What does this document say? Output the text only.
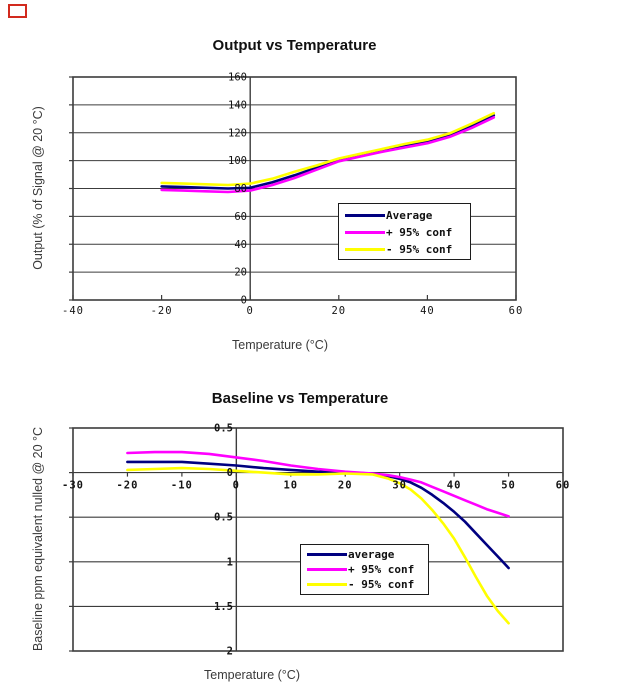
0
20
40
60
80
100
120
140
160
-40	-20	0	20	40	60
0.5
0
0.5
1
1.5
2
-30	-20	-10	0	10	20	30	40	50	60
Output vs Temperature
Output (% of Signal @ 20 °C)
Temperature (°C)
Average
+ 95% conf
- 95% conf
Baseline vs Temperature
Baseline ppm equivalent nulled @ 20 °C
Temperature (°C)
average
+ 95% conf
- 95% conf
